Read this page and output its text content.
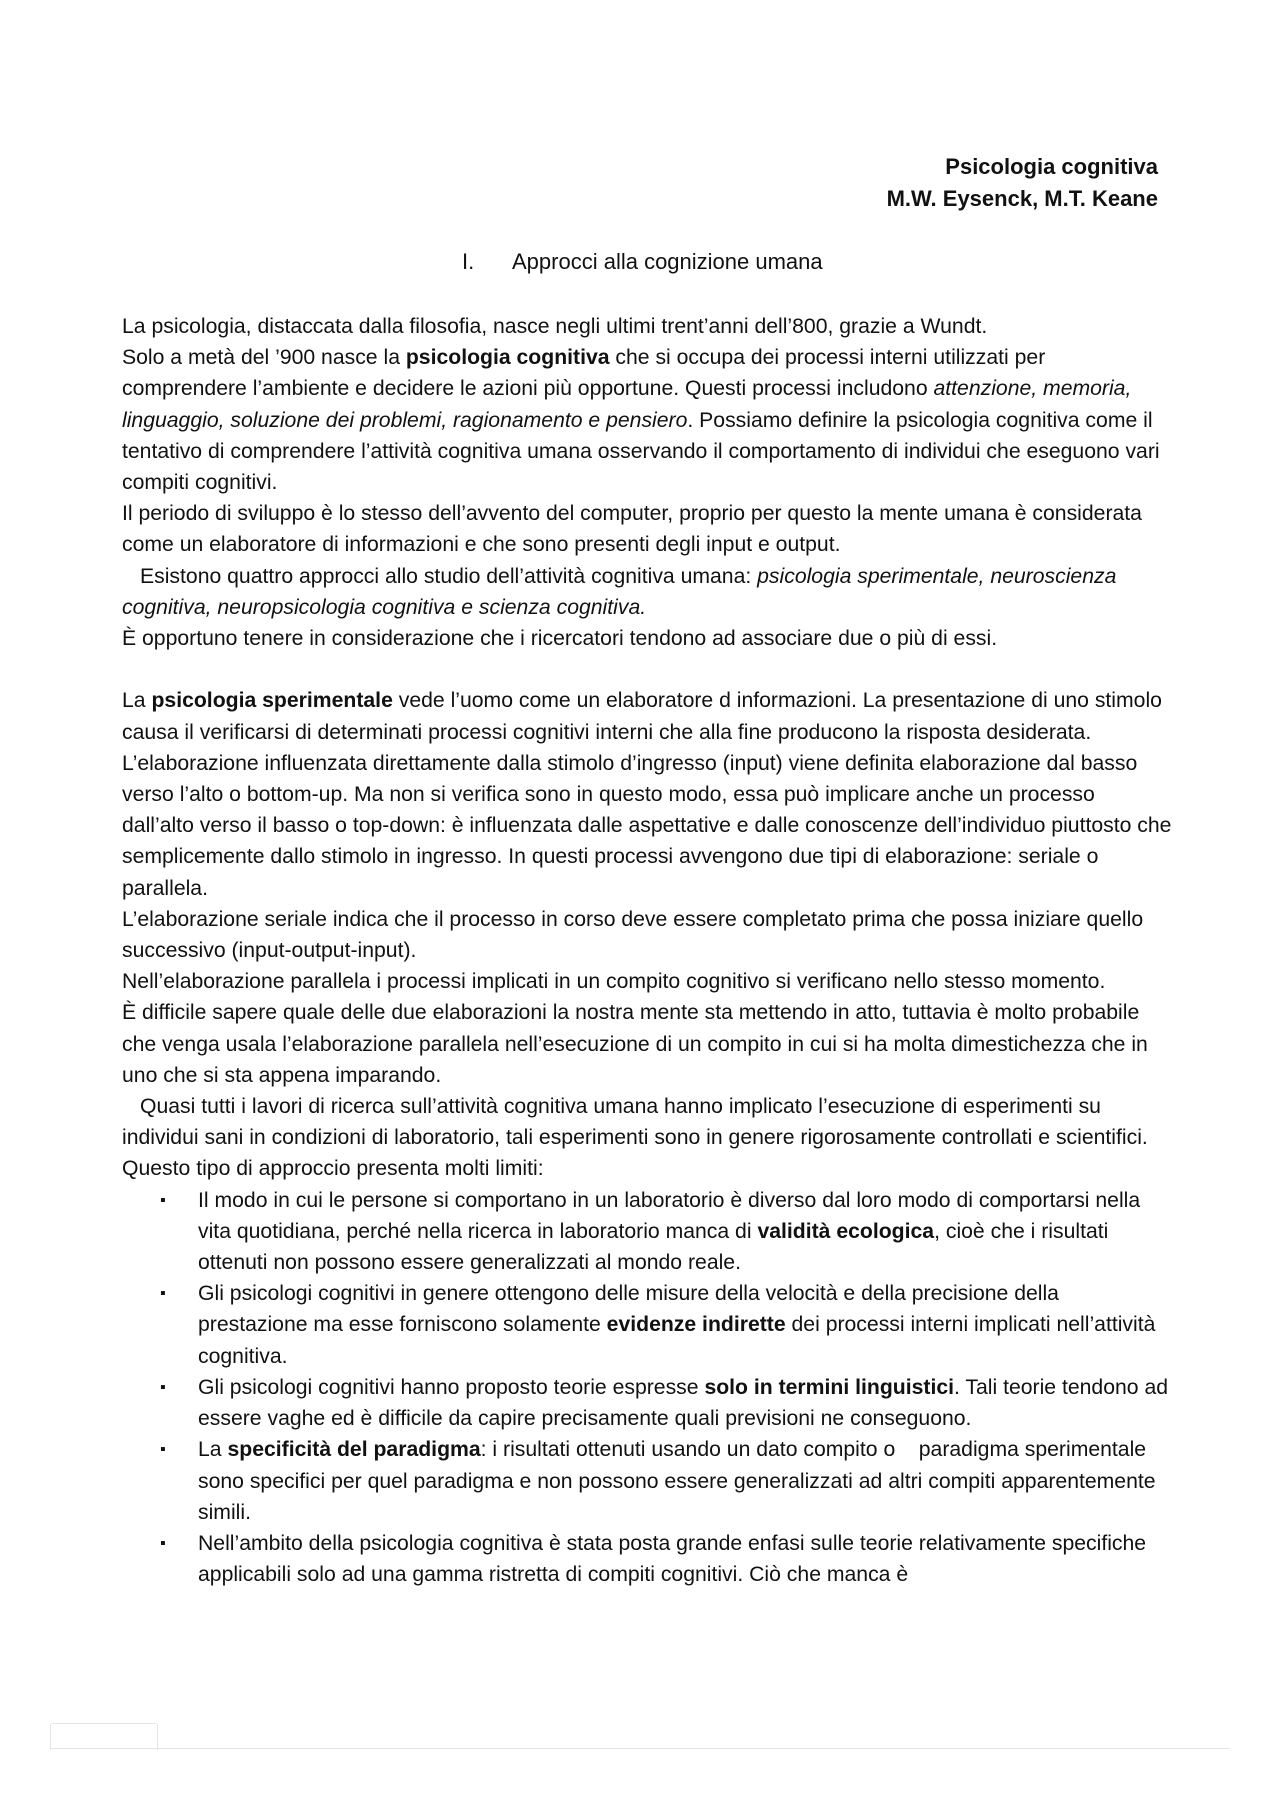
Psicologia cognitiva
M.W. Eysenck, M.T. Keane
I. Approcci alla cognizione umana

La psicologia, distaccata dalla filosofia, nasce negli ultimi trent’anni dell’800, grazie a Wundt.

Solo a metà del ’900 nasce la psicologia cognitiva che si occupa dei processi interni utilizzati per comprendere l’ambiente e decidere le azioni più opportune. Questi processi includono attenzione, memoria, linguaggio, soluzione dei problemi, ragionamento e pensiero. Possiamo definire la psicologia cognitiva come il tentativo di comprendere l’attività cognitiva umana osservando il comportamento di individui che eseguono vari compiti cognitivi.

Il periodo di sviluppo è lo stesso dell’avvento del computer, proprio per questo la mente umana è considerata come un elaboratore di informazioni e che sono presenti degli input e output.

Esistono quattro approcci allo studio dell’attività cognitiva umana: psicologia sperimentale, neuroscienza cognitiva, neuropsicologia cognitiva e scienza cognitiva.

È opportuno tenere in considerazione che i ricercatori tendono ad associare due o più di essi.

La psicologia sperimentale vede l’uomo come un elaboratore d informazioni. La presentazione di uno stimolo causa il verificarsi di determinati processi cognitivi interni che alla fine producono la risposta desiderata. L’elaborazione influenzata direttamente dalla stimolo d’ingresso (input) viene definita elaborazione dal basso verso l’alto o bottom-up. Ma non si verifica sono in questo modo, essa può implicare anche un processo dall’alto verso il basso o top-down: è influenzata dalle aspettative e dalle conoscenze dell’individuo piuttosto che semplicemente dallo stimolo in ingresso. In questi processi avvengono due tipi di elaborazione: seriale o parallela.

L’elaborazione seriale indica che il processo in corso deve essere completato prima che possa iniziare quello successivo (input-output-input).

Nell’elaborazione parallela i processi implicati in un compito cognitivo si verificano nello stesso momento.

È difficile sapere quale delle due elaborazioni la nostra mente sta mettendo in atto, tuttavia è molto probabile che venga usala l’elaborazione parallela nell’esecuzione di un compito in cui si ha molta dimestichezza che in uno che si sta appena imparando.

Quasi tutti i lavori di ricerca sull’attività cognitiva umana hanno implicato l’esecuzione di esperimenti su individui sani in condizioni di laboratorio, tali esperimenti sono in genere rigorosamente controllati e scientifici.

Questo tipo di approccio presenta molti limiti:

▪ Il modo in cui le persone si comportano in un laboratorio è diverso dal loro modo di comportarsi nella vita quotidiana, perché nella ricerca in laboratorio manca di validità ecologica, cioè che i risultati ottenuti non possono essere generalizzati al mondo reale.
▪ Gli psicologi cognitivi in genere ottengono delle misure della velocità e della precisione della prestazione ma esse forniscono solamente evidenze indirette dei processi interni implicati nell’attività cognitiva.
▪ Gli psicologi cognitivi hanno proposto teorie espresse solo in termini linguistici. Tali teorie tendono ad essere vaghe ed è difficile da capire precisamente quali previsioni ne conseguono.
▪ La specificità del paradigma: i risultati ottenuti usando un dato compito o    paradigma sperimentale sono specifici per quel paradigma e non possono essere generalizzati ad altri compiti apparentemente simili.
▪ Nell’ambito della psicologia cognitiva è stata posta grande enfasi sulle teorie relativamente specifiche applicabili solo ad una gamma ristretta di compiti cognitivi. Ciò che manca è
